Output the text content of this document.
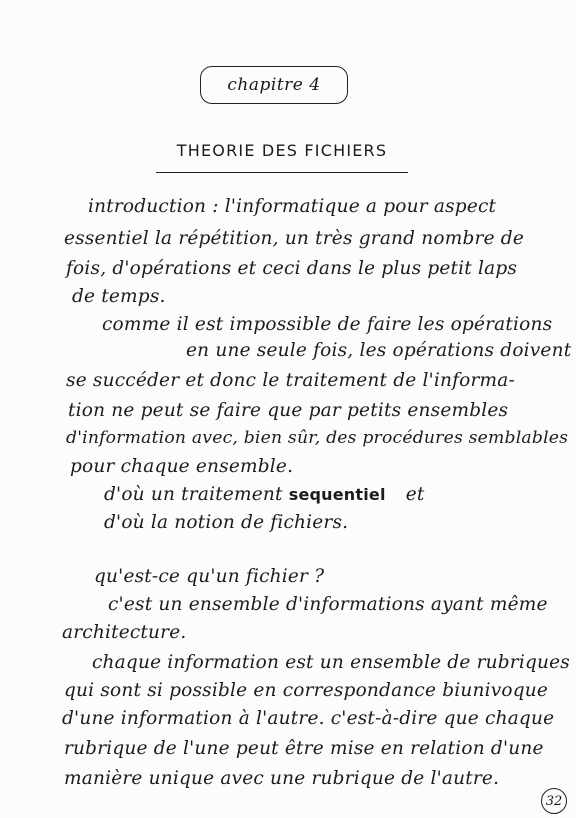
chapitre 4
THEORIE DES FICHIERS
introduction : l'informatique a pour aspect
essentiel la répétition, un très grand nombre de
fois, d'opérations et ceci dans le plus petit laps
de temps.
comme il est impossible de faire les opérations
en une seule fois, les opérations doivent
se succéder et donc le traitement de l'informa-
tion ne peut se faire que par petits ensembles
d'information avec, bien sûr, des procédures semblables
pour chaque ensemble.
d'où un traitement sequentiel et
d'où la notion de fichiers.
qu'est-ce qu'un fichier ?
c'est un ensemble d'informations ayant même
architecture.
chaque information est un ensemble de rubriques
qui sont si possible en correspondance biunivoque
d'une information à l'autre. c'est-à-dire que chaque
rubrique de l'une peut être mise en relation d'une
manière unique avec une rubrique de l'autre.
32
